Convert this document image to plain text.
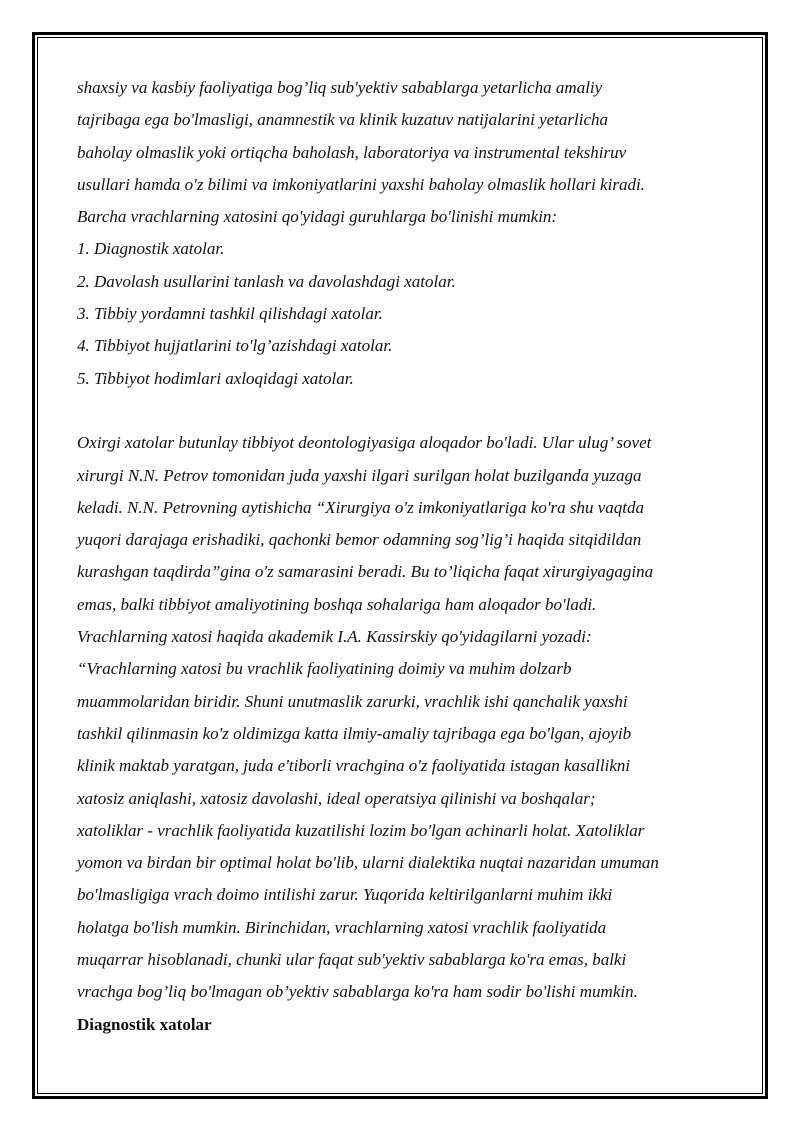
shaxsiy va kasbiy faoliyatiga bog’liq sub'yektiv sabablarga yetarlicha amaliy
tajribaga ega bo'lmasligi, anamnestik va klinik kuzatuv natijalarini yetarlicha
baholay olmaslik yoki ortiqcha baholash, laboratoriya va instrumental tekshiruv
usullari hamda o'z bilimi va imkoniyatlarini yaxshi baholay olmaslik hollari kiradi.
Barcha vrachlarning xatosini qo'yidagi guruhlarga bo'linishi mumkin:
1. Diagnostik xatolar.
2. Davolash usullarini tanlash va davolashdagi xatolar.
3. Tibbiy yordamni tashkil qilishdagi xatolar.
4. Tibbiyot hujjatlarini to'lg’azishdagi xatolar.
5. Tibbiyot hodimlari axloqidagi xatolar.
Oxirgi xatolar butunlay tibbiyot deontologiyasiga aloqador bo'ladi. Ular ulug’ sovet
xirurgi N.N. Petrov tomonidan juda yaxshi ilgari surilgan holat buzilganda yuzaga
keladi. N.N. Petrovning aytishicha “Xirurgiya o'z imkoniyatlariga ko'ra shu vaqtda
yuqori darajaga erishadiki, qachonki bemor odamning sog’lig’i haqida sitqidildan
kurashgan taqdirda”gina o'z samarasini beradi. Bu to’liqicha faqat xirurgiyagagina
emas, balki tibbiyot amaliyotining boshqa sohalariga ham aloqador bo'ladi.
Vrachlarning xatosi haqida akademik I.A. Kassirskiy qo'yidagilarni yozadi:
“Vrachlarning xatosi bu vrachlik faoliyatining doimiy va muhim dolzarb
muammolaridan biridir. Shuni unutmaslik zarurki, vrachlik ishi qanchalik yaxshi
tashkil qilinmasin ko'z oldimizga katta ilmiy-amaliy tajribaga ega bo'lgan, ajoyib
klinik maktab yaratgan, juda e'tiborli vrachgina o'z faoliyatida istagan kasallikni
xatosiz aniqlashi, xatosiz davolashi, ideal operatsiya qilinishi va boshqalar;
xatoliklar - vrachlik faoliyatida kuzatilishi lozim bo'lgan achinarli holat. Xatoliklar
yomon va birdan bir optimal holat bo'lib, ularni dialektika nuqtai nazaridan umuman
bo'lmasligiga vrach doimo intilishi zarur. Yuqorida keltirilganlarni muhim ikki
holatga bo'lish mumkin. Birinchidan, vrachlarning xatosi vrachlik faoliyatida
muqarrar hisoblanadi, chunki ular faqat sub'yektiv sabablarga ko'ra emas, balki
vrachga bog’liq bo'lmagan ob’yektiv sabablarga ko'ra ham sodir bo'lishi mumkin.
Diagnostik xatolar
